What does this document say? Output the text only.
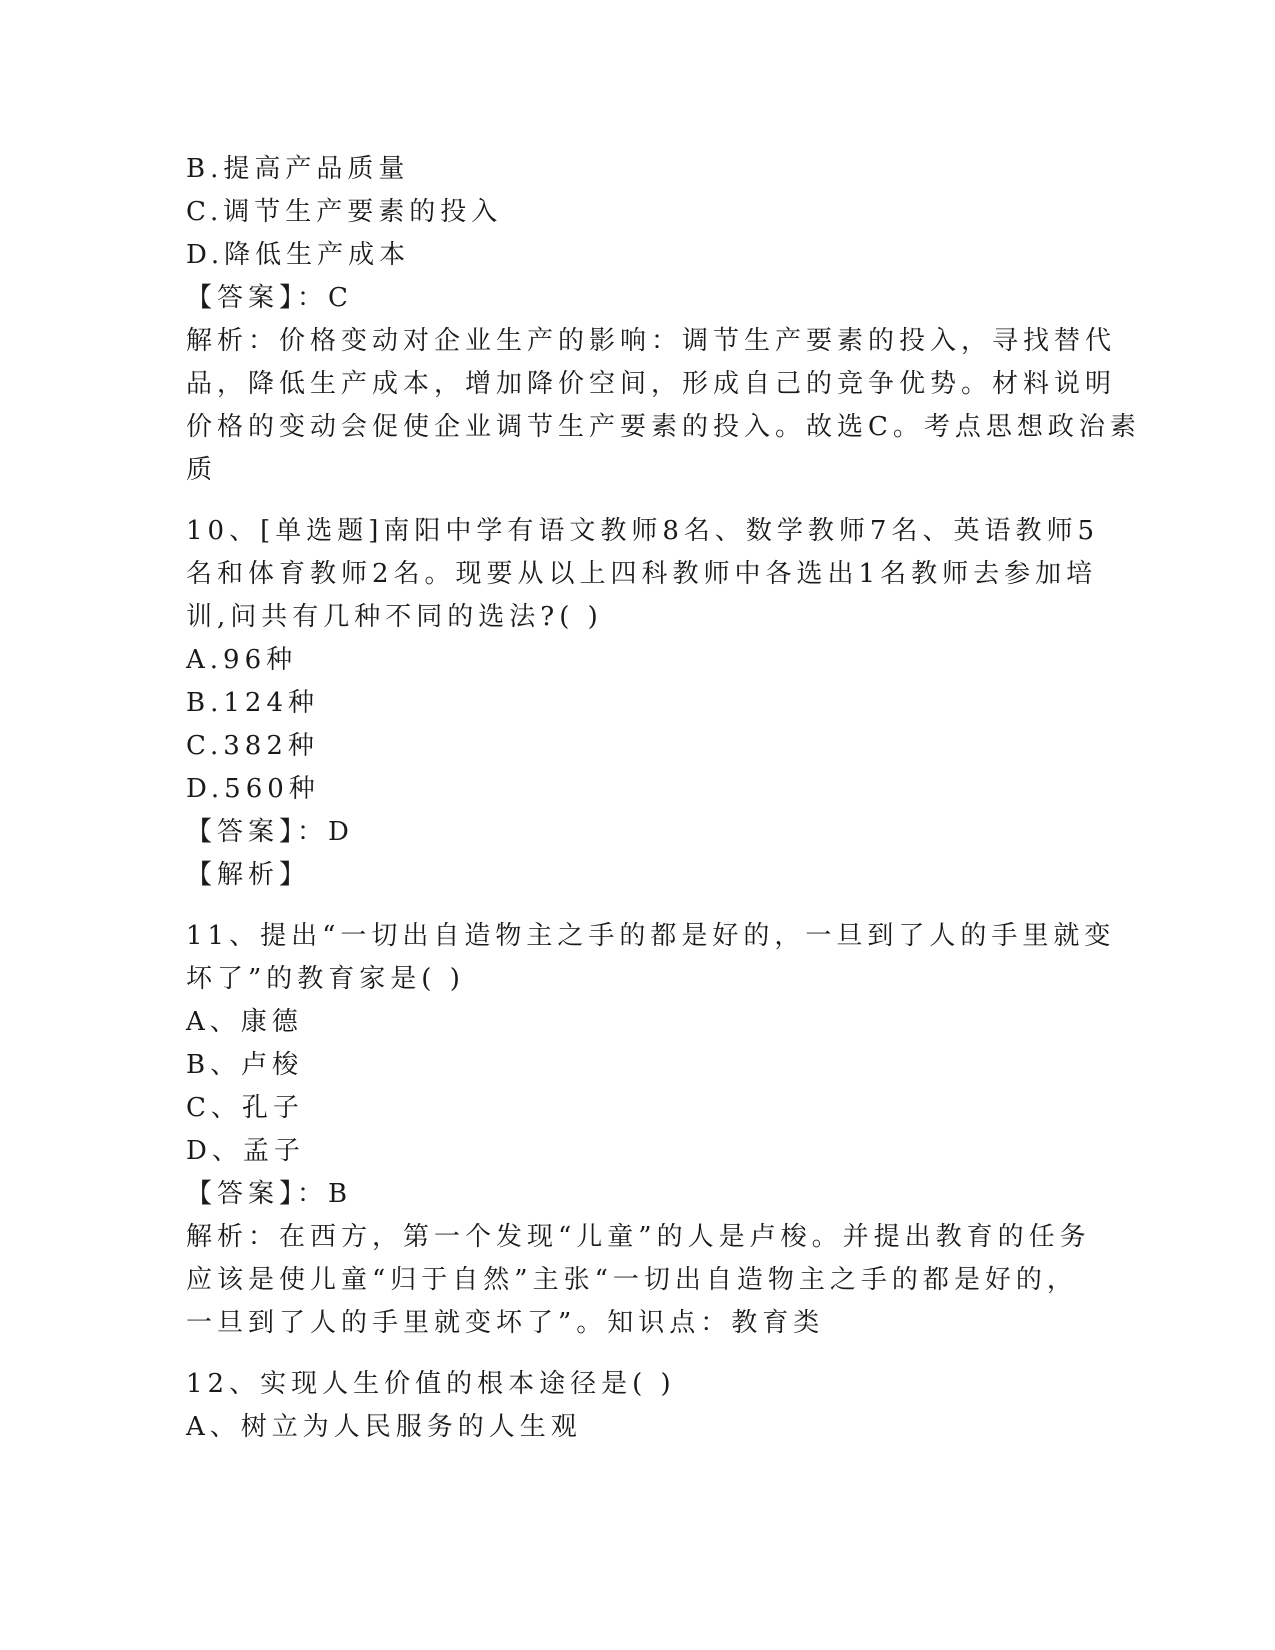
B.提高产品质量
C.调节生产要素的投入
D.降低生产成本
【答案】：C
解析：价格变动对企业生产的影响：调节生产要素的投入，寻找替代
品，降低生产成本，增加降价空间，形成自己的竞争优势。材料说明
价格的变动会促使企业调节生产要素的投入。故选C。考点思想政治素
质
10、[单选题]南阳中学有语文教师8名、数学教师7名、英语教师5
名和体育教师2名。现要从以上四科教师中各选出1名教师去参加培
训,问共有几种不同的选法?( )
A.96种
B.124种
C.382种
D.560种
【答案】：D
【解析】
11、提出“一切出自造物主之手的都是好的，一旦到了人的手里就变
坏了”的教育家是( )
A、康德
B、卢梭
C、孔子
D、孟子
【答案】：B
解析：在西方，第一个发现“儿童”的人是卢梭。并提出教育的任务
应该是使儿童“归于自然”主张“一切出自造物主之手的都是好的，
一旦到了人的手里就变坏了”。知识点：教育类
12、实现人生价值的根本途径是( )
A、树立为人民服务的人生观
